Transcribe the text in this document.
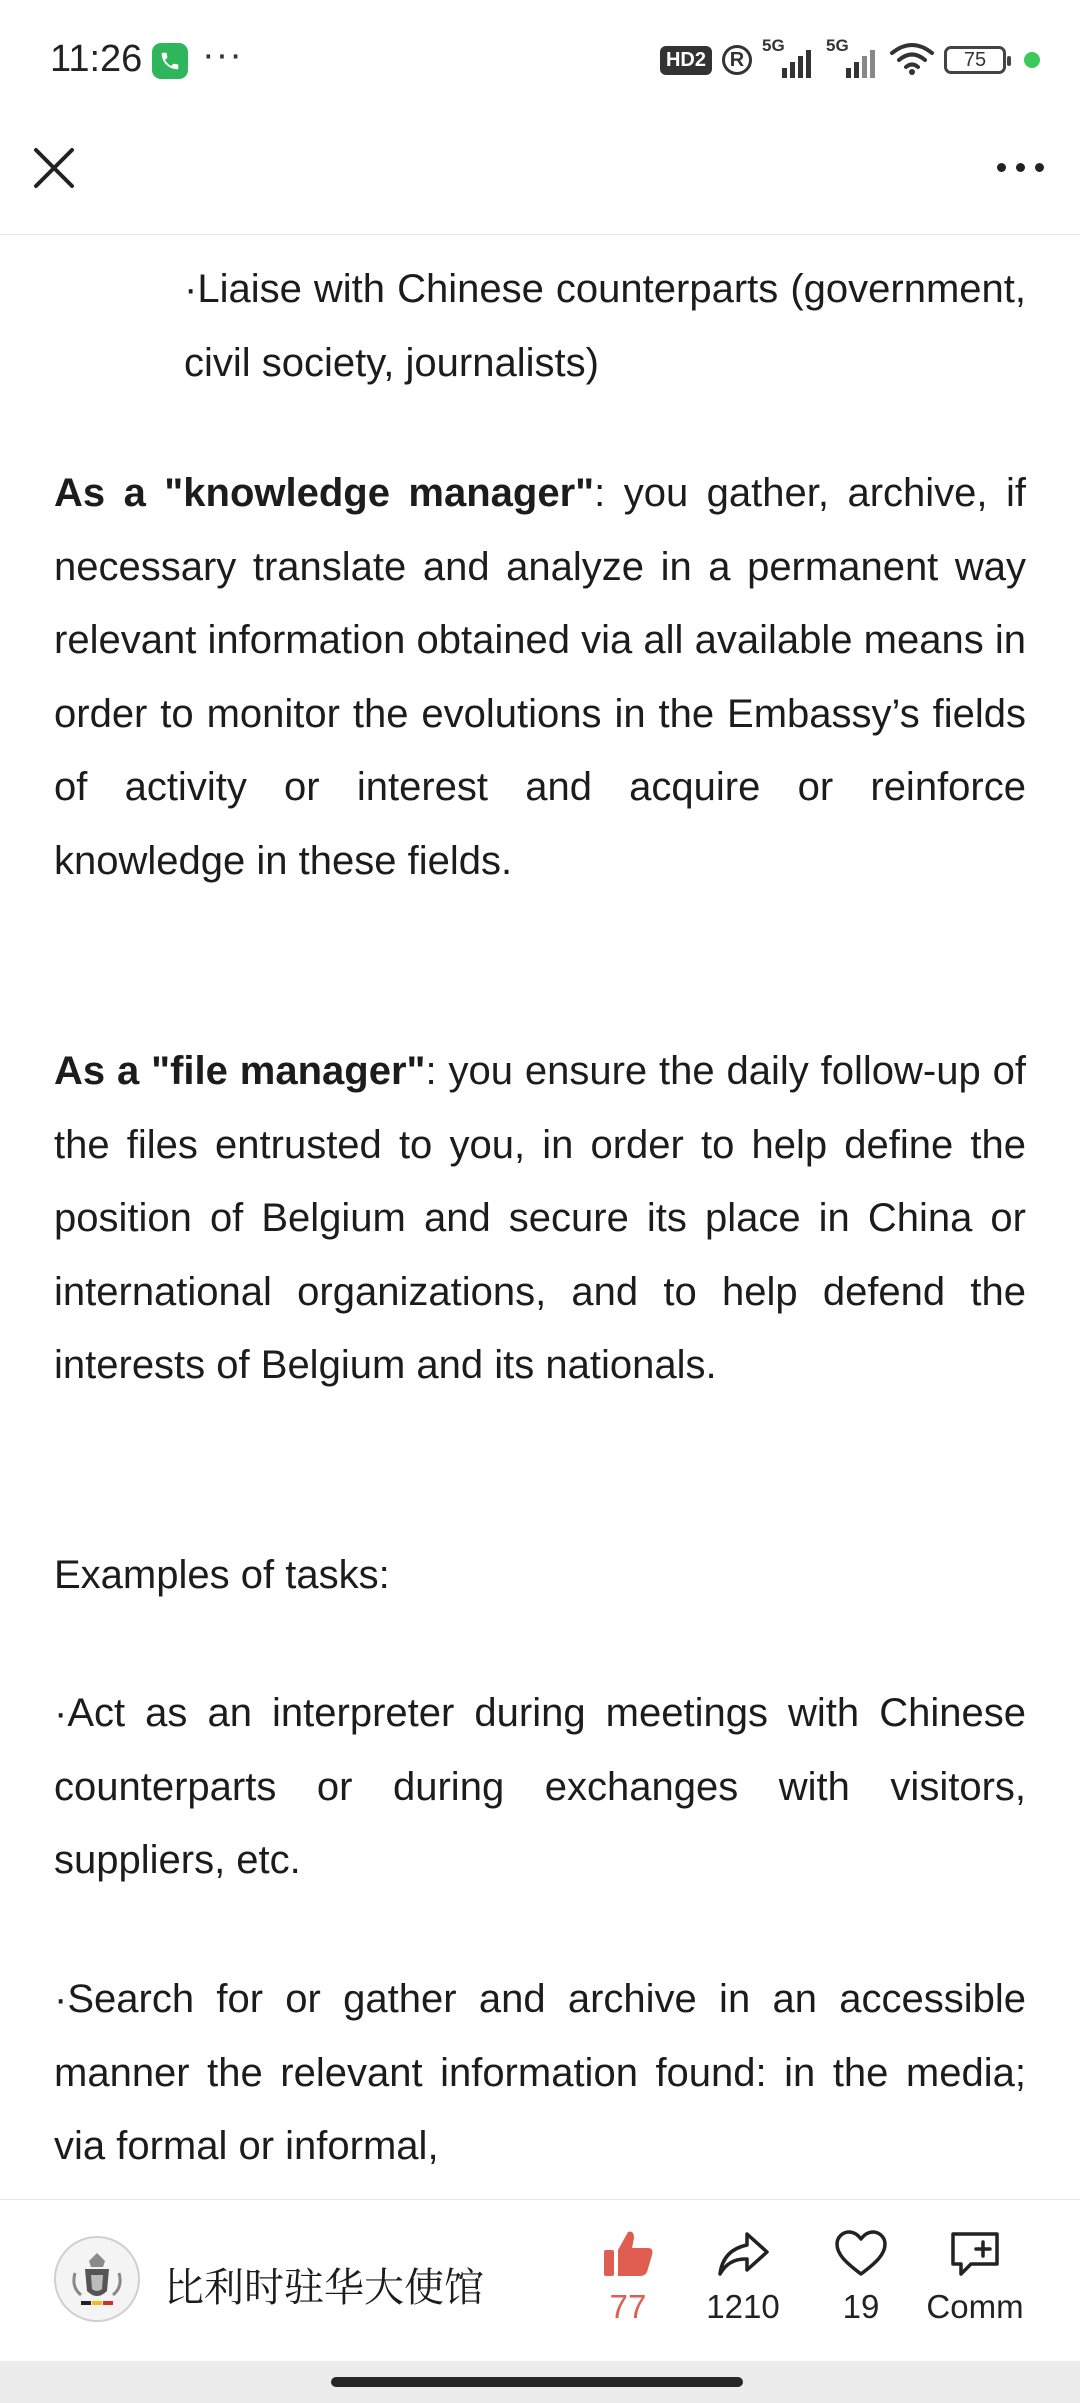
11:26 ···	HD2	R
5G 5G
75

·Liaise with Chinese counterparts (government, civil society, journalists)

As a "knowledge manager": you gather, archive, if necessary translate and analyze in a permanent way relevant information obtained via all available means in order to monitor the evolutions in the Embassy’s fields of activity or interest and acquire or reinforce knowledge in these fields.

As a "file manager": you ensure the daily follow-up of the files entrusted to you, in order to help define the position of Belgium and secure its place in China or international organizations, and to help defend the interests of Belgium and its nationals.

Examples of tasks:

·Act as an interpreter during meetings with Chinese counterparts or during exchanges with visitors, suppliers, etc.

·Search for or gather and archive in an accessible manner the relevant information found: in the media; via formal or informal,

比利时驻华大使馆	77	1210	19	Comm
